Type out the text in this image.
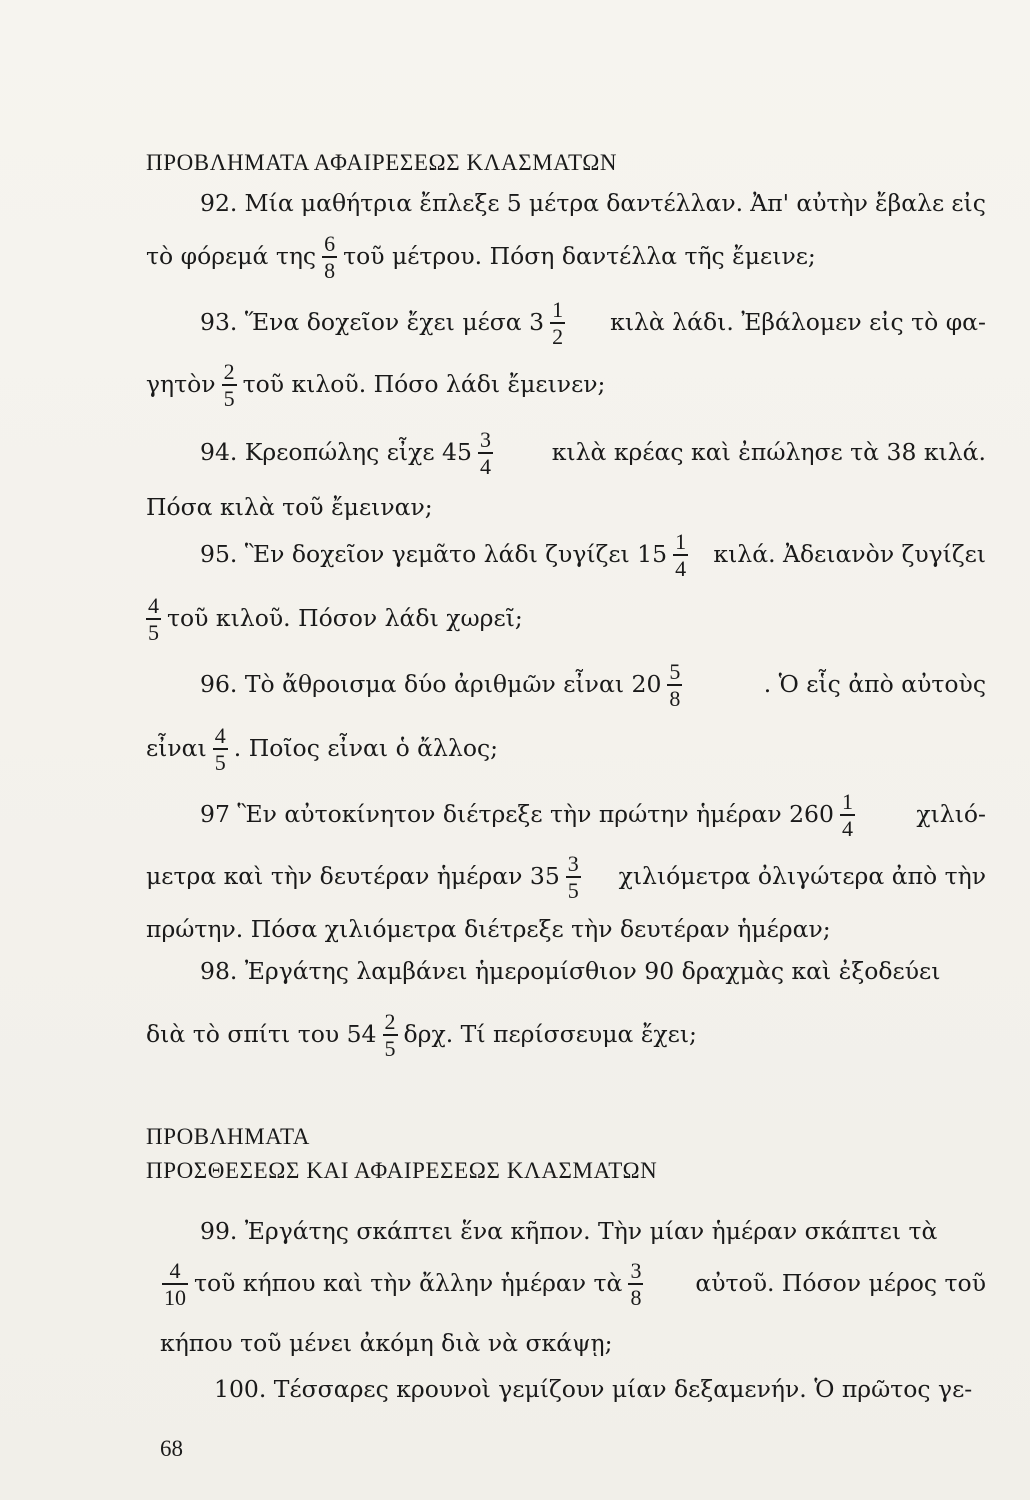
ΠΡΟΒΛΗΜΑΤΑ ΑΦΑΙΡΕΣΕΩΣ ΚΛΑΣΜΑΤΩΝ
92. Μία μαθήτρια ἔπλεξε 5 μέτρα δαντέλλαν. Ἀπ' αὐτὴν ἔβαλε εἰς
τὸ φόρεμά της $\frac{6}{8}$ τοῦ μέτρου. Πόση δαντέλλα τῆς ἔμεινε;
93. Ἕνα δοχεῖον ἔχει μέσα $3 \frac{1}{2}$ κιλὰ λάδι. Ἐβάλομεν εἰς τὸ φα-
γητὸν $\frac{2}{5}$ τοῦ κιλοῦ. Πόσο λάδι ἔμεινεν;
94. Κρεοπώλης εἶχε $45 \frac{3}{4}$	κιλὰ κρέας καὶ ἐπώλησε τὰ 38 κιλά.
Πόσα κιλὰ τοῦ ἔμειναν;
95. Ἓν δοχεῖον γεμᾶτο λάδι ζυγίζει $15 \frac{1}{4} \kappa\iota\lambda ά$. Ἀδειανὸν ζυγίζει
$\frac{4}{5}$ τοῦ κιλοῦ. Πόσον λάδι χωρεῖ;
96. Τὸ ἄθροισμα δύο ἀριθμῶν εἶναι $20 \frac{5}{8}$	. Ὁ εἷς ἀπὸ αὐτοὺς
εἶναι $\frac{4}{5}$ . Ποῖος εἶναι ὁ ἄλλος;
97 Ἓν αὐτοκίνητον διέτρεξε τὴν πρώτην ἡμέραν $260 \frac{1}{4}$	χιλιό-
μετρα καὶ τὴν δευτέραν ἡμέραν $35 \frac{3}{5}$ χιλιόμετρα ὀλιγώτερα ἀπὸ τὴν
πρώτην. Πόσα χιλιόμετρα διέτρεξε τὴν δευτέραν ἡμέραν;
98. Ἐργάτης λαμβάνει ἡμερομίσθιον 90 δραχμὰς καὶ ἐξοδεύει
διὰ τὸ σπίτι του $54 \frac{2}{5} \delta\rho\chi$. Τί περίσσευμα ἔχει;
ΠΡΟΒΛΗΜΑΤΑ
ΠΡΟΣΘΕΣΕΩΣ ΚΑΙ ΑΦΑΙΡΕΣΕΩΣ ΚΛΑΣΜΑΤΩΝ
99. Ἐργάτης σκάπτει ἕνα κῆπον. Τὴν μίαν ἡμέραν σκάπτει τὰ
$\frac{4}{10}$ τοῦ κήπου καὶ τὴν ἄλλην ἡμέραν τὰ $\frac{3}{8}$ αὐτοῦ. Πόσον μέρος τοῦ
κήπου τοῦ μένει ἀκόμη διὰ νὰ σκάψῃ;
100. Τέσσαρες κρουνοὶ γεμίζουν μίαν δεξαμενήν. Ὁ πρῶτος γε-
68
